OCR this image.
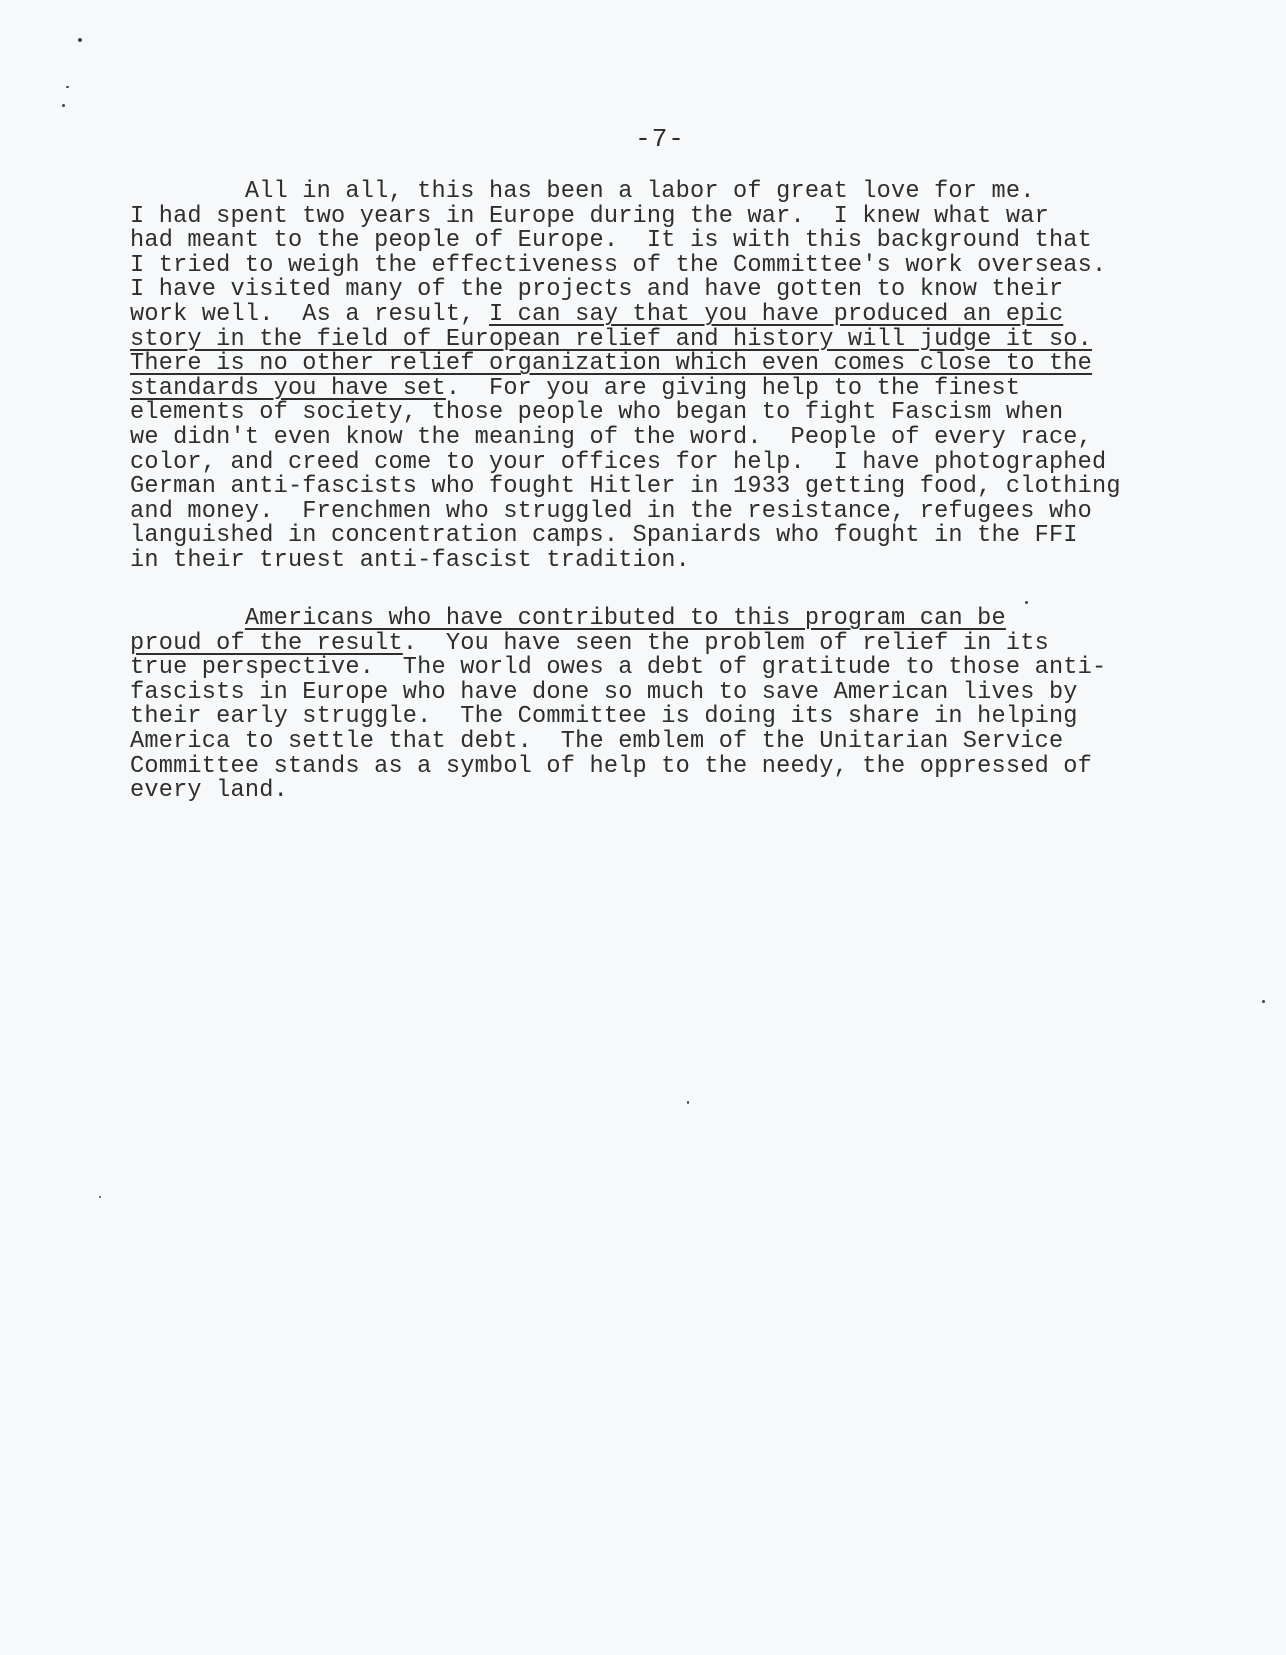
-7-
All in all, this has been a labor of great love for me.
I had spent two years in Europe during the war.  I knew what war
had meant to the people of Europe.  It is with this background that
I tried to weigh the effectiveness of the Committee's work overseas.
I have visited many of the projects and have gotten to know their
work well.  As a result, I can say that you have produced an epic
story in the field of European relief and history will judge it so.
There is no other relief organization which even comes close to the
standards you have set.  For you are giving help to the finest
elements of society, those people who began to fight Fascism when
we didn't even know the meaning of the word.  People of every race,
color, and creed come to your offices for help.  I have photographed
German anti-fascists who fought Hitler in 1933 getting food, clothing
and money.  Frenchmen who struggled in the resistance, refugees who
languished in concentration camps. Spaniards who fought in the FFI
in their truest anti-fascist tradition.
Americans who have contributed to this program can be
proud of the result.  You have seen the problem of relief in its
true perspective.  The world owes a debt of gratitude to those anti-
fascists in Europe who have done so much to save American lives by
their early struggle.  The Committee is doing its share in helping
America to settle that debt.  The emblem of the Unitarian Service
Committee stands as a symbol of help to the needy, the oppressed of
every land.
